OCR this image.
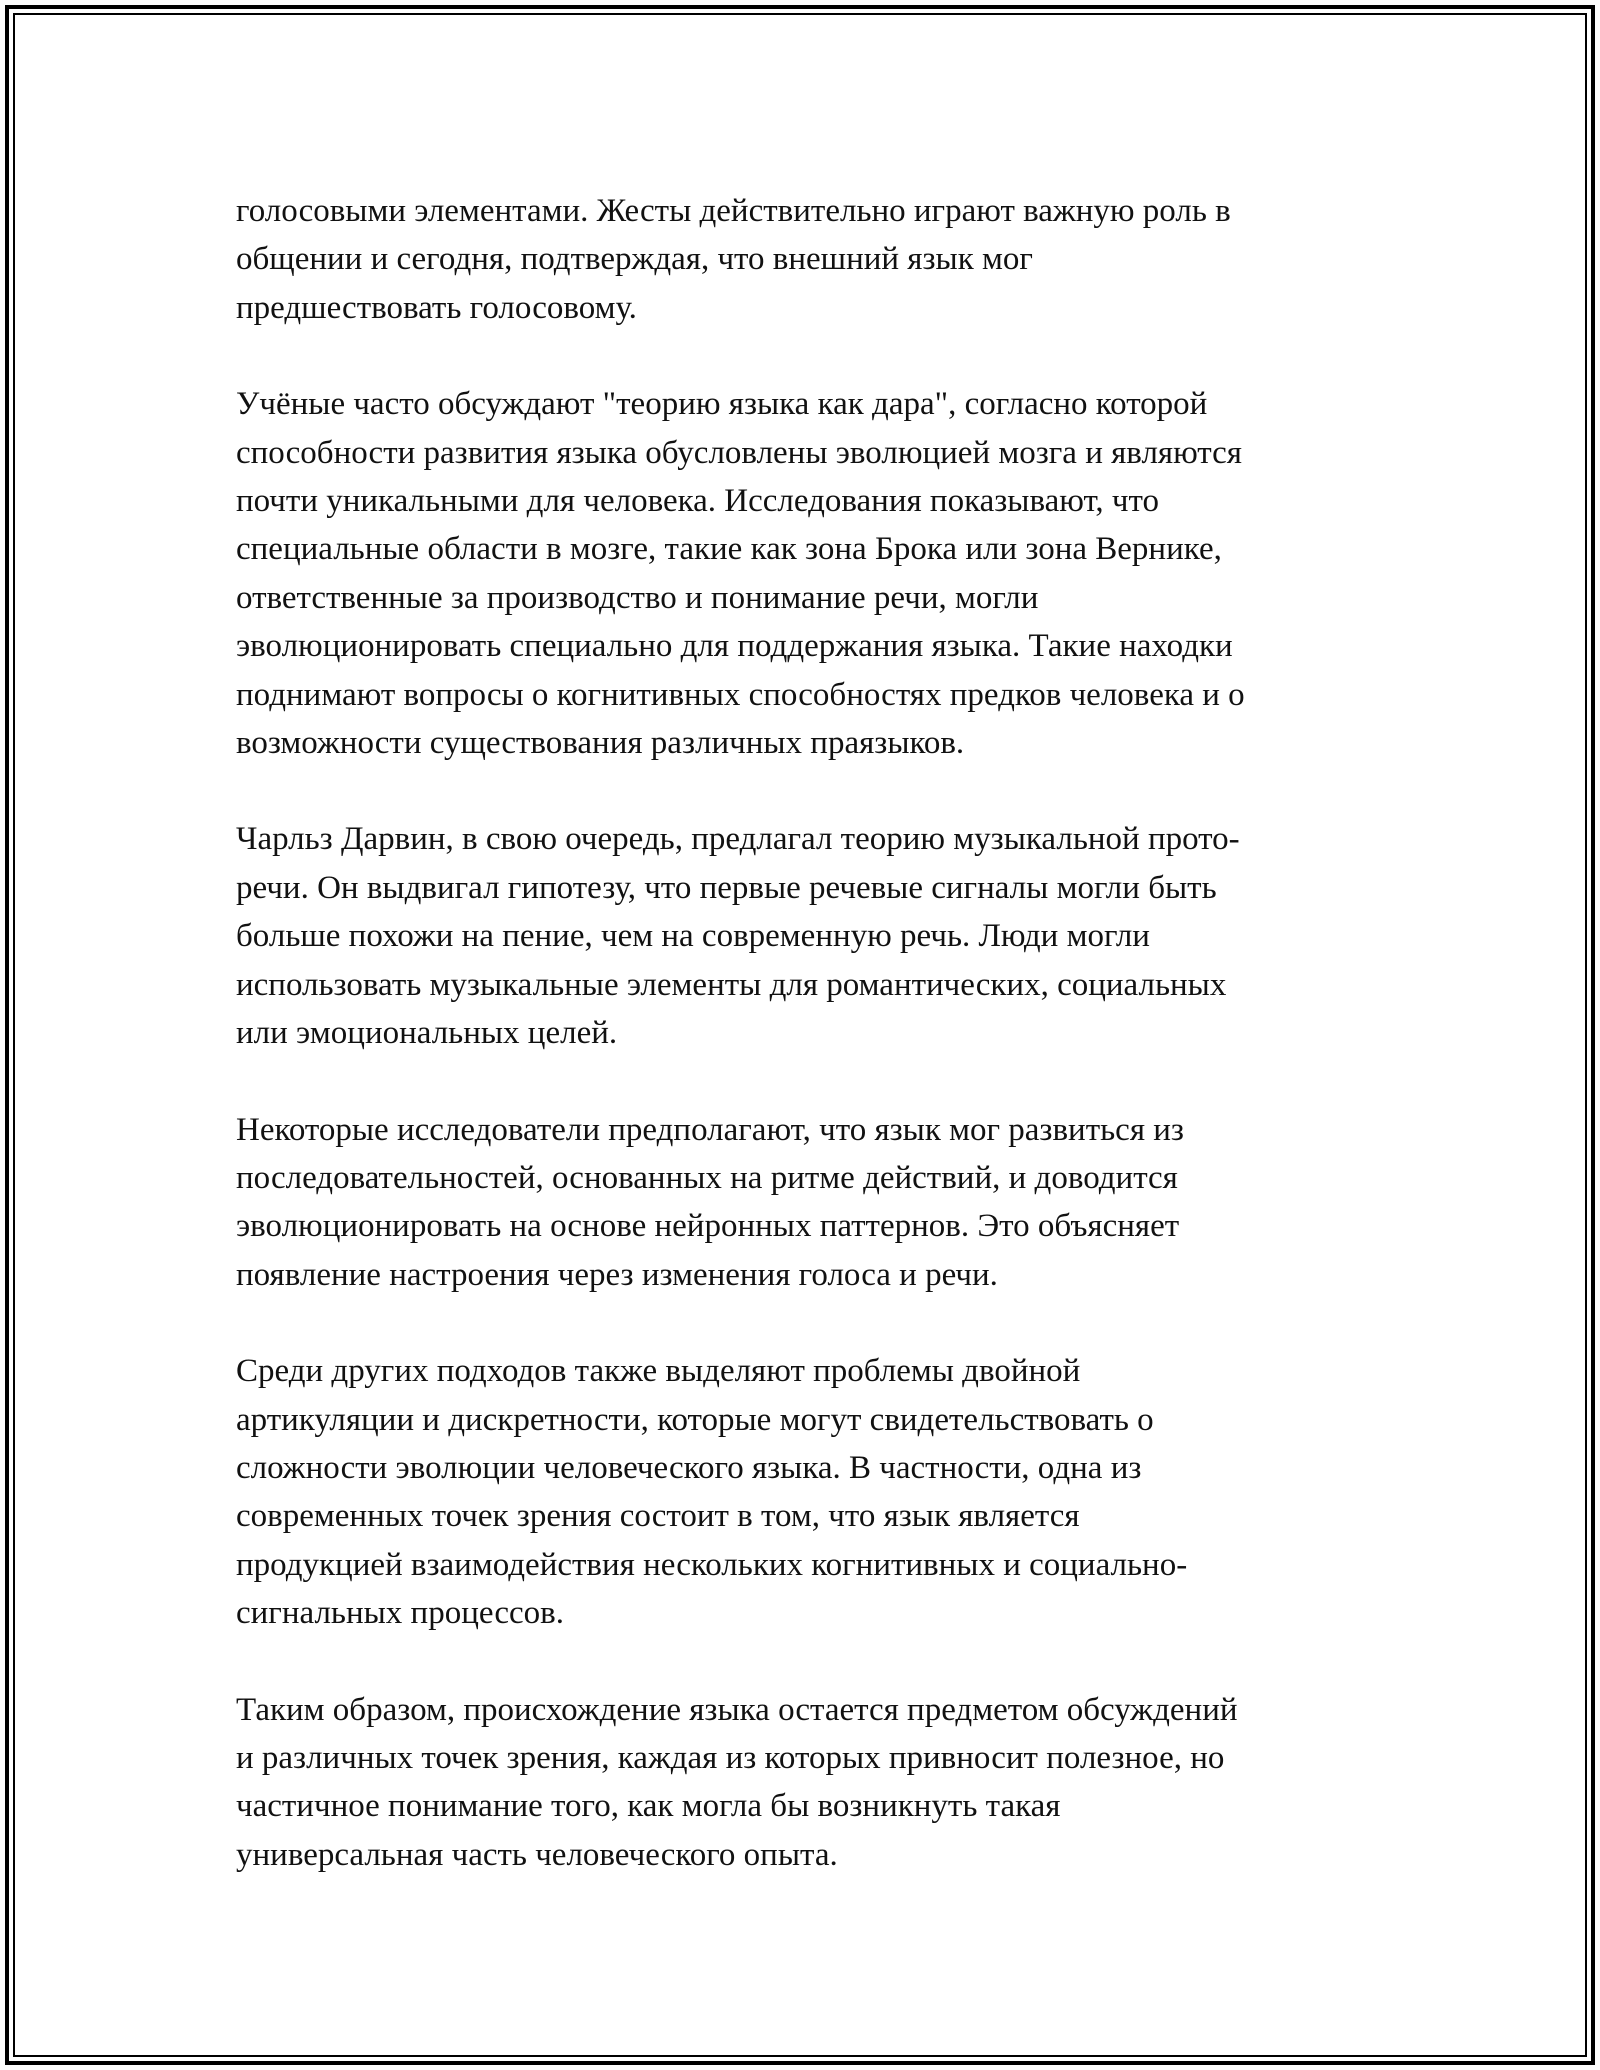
голосовыми элементами. Жесты действительно играют важную роль в
общении и сегодня, подтверждая, что внешний язык мог
предшествовать голосовому.

Учёные часто обсуждают "теорию языка как дара", согласно которой
способности развития языка обусловлены эволюцией мозга и являются
почти уникальными для человека. Исследования показывают, что
специальные области в мозге, такие как зона Брока или зона Вернике,
ответственные за производство и понимание речи, могли
эволюционировать специально для поддержания языка. Такие находки
поднимают вопросы о когнитивных способностях предков человека и о
возможности существования различных праязыков.

Чарльз Дарвин, в свою очередь, предлагал теорию музыкальной прото-
речи. Он выдвигал гипотезу, что первые речевые сигналы могли быть
больше похожи на пение, чем на современную речь. Люди могли
использовать музыкальные элементы для романтических, социальных
или эмоциональных целей.

Некоторые исследователи предполагают, что язык мог развиться из
последовательностей, основанных на ритме действий, и доводится
эволюционировать на основе нейронных паттернов. Это объясняет
появление настроения через изменения голоса и речи.

Среди других подходов также выделяют проблемы двойной
артикуляции и дискретности, которые могут свидетельствовать о
сложности эволюции человеческого языка. В частности, одна из
современных точек зрения состоит в том, что язык является
продукцией взаимодействия нескольких когнитивных и социально-
сигнальных процессов.

Таким образом, происхождение языка остается предметом обсуждений
и различных точек зрения, каждая из которых привносит полезное, но
частичное понимание того, как могла бы возникнуть такая
универсальная часть человеческого опыта.
